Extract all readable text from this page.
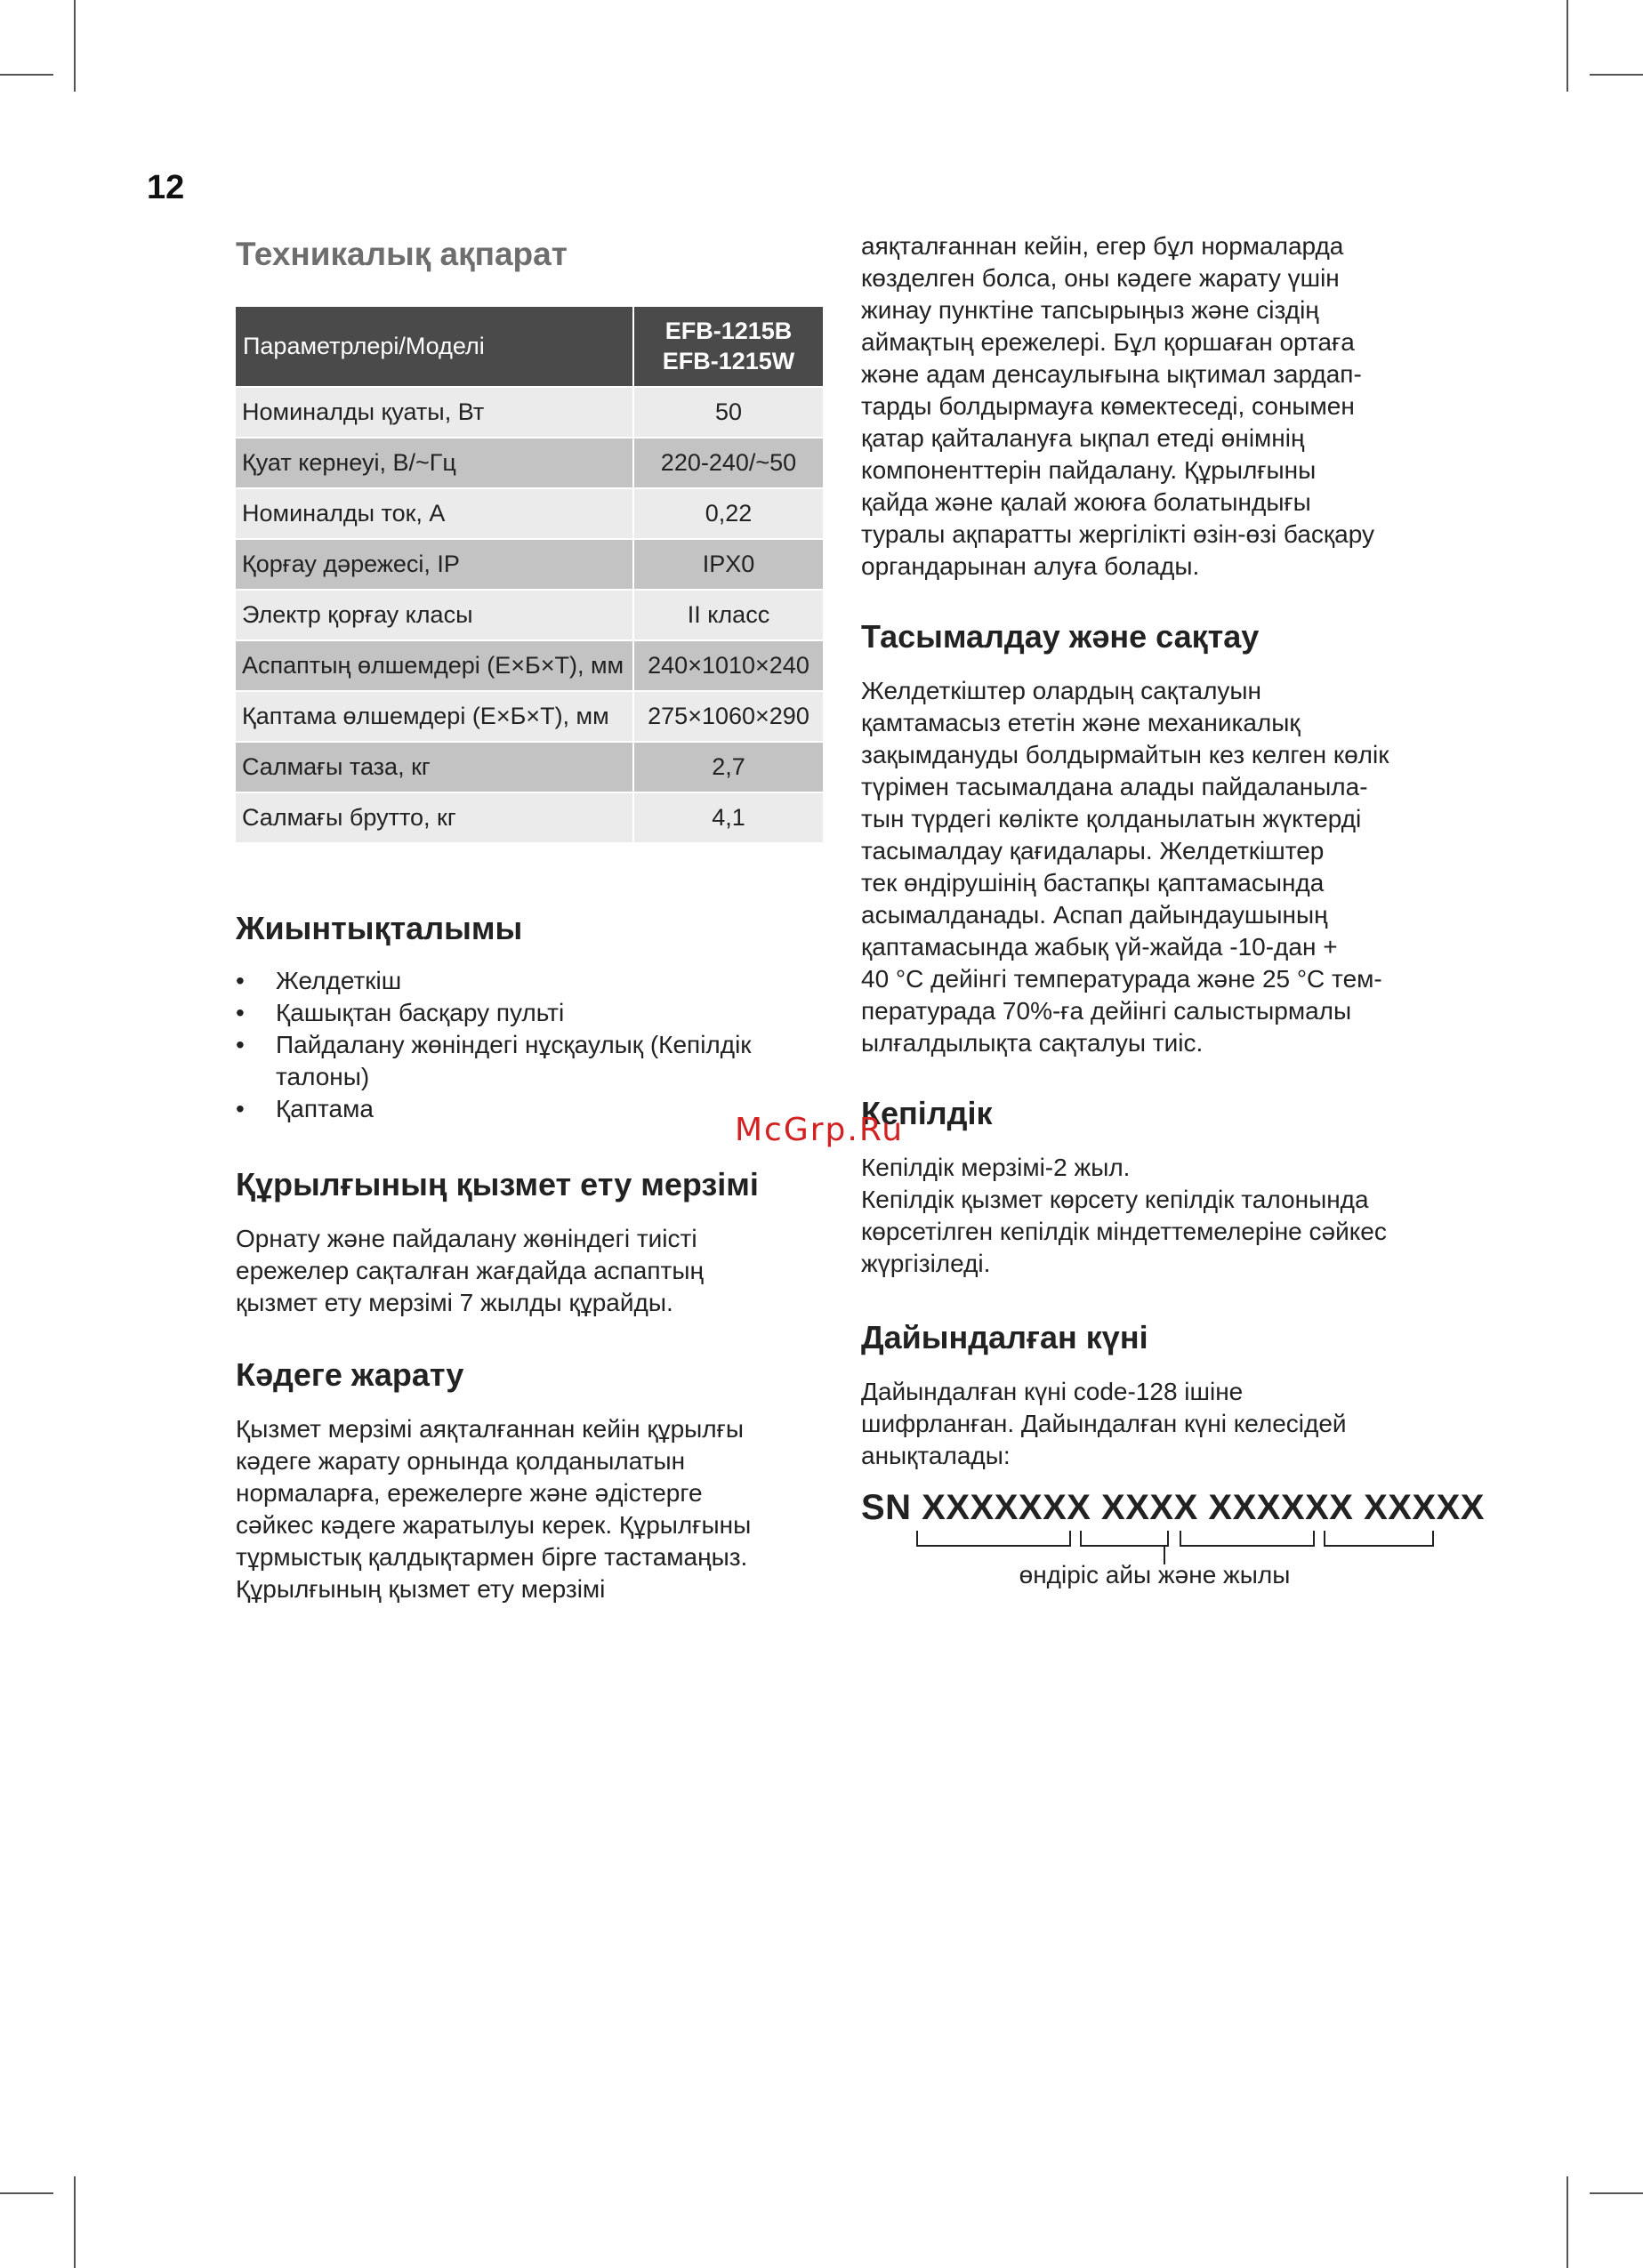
12
Техникалық ақпарат
Параметрлері/Моделі	EFB-1215B
EFB-1215W

Номиналды қуаты, Вт	50
Қуат кернеуі, В/~Гц	220-240/~50
Номиналды ток, А	0,22
Қорғау дәрежесі, IP	IPX0
Электр қорғау класы	II класс
Аспаптың өлшемдері (Е×Б×Т), мм	240×1010×240
Қаптама өлшемдері (Е×Б×Т), мм	275×1060×290
Салмағы таза, кг	2,7
Салмағы брутто, кг	4,1
Жиынтықталымы
•	Желдеткіш
•	Қашықтан басқару пульті
•	Пайдалану жөніндегі нұсқаулық (Кепілдік
талоны)
•	Қаптама
Құрылғының қызмет ету мерзімі

Орнату және пайдалану жөніндегі тиісті
ережелер сақталған жағдайда аспаптың
қызмет ету мерзімі 7 жылды құрайды.

Кәдеге жарату

Қызмет мерзімі аяқталғаннан кейін құрылғы
кәдеге жарату орнында қолданылатын
нормаларға, ережелерге және әдістерге
сәйкес кәдеге жаратылуы керек. Құрылғыны
тұрмыстық қалдықтармен бірге тастамаңыз.
Құрылғының қызмет ету мерзімі

аяқталғаннан кейін, егер бұл нормаларда
көзделген болса, оны кәдеге жарату үшін
жинау пунктіне тапсырыңыз және сіздің
аймақтың ережелері. Бұл қоршаған ортаға
және адам денсаулығына ықтимал зардап-
тарды болдырмауға көмектеседі, сонымен
қатар қайталануға ықпал етеді өнімнің
компоненттерін пайдалану. Құрылғыны
қайда және қалай жоюға болатындығы
туралы ақпаратты жергілікті өзін-өзі басқару
органдарынан алуға болады.

Тасымалдау және сақтау

Желдеткіштер олардың сақталуын
қамтамасыз ететін және механикалық
зақымдануды болдырмайтын кез келген көлік
түрімен тасымалдана алады пайдаланыла-
тын түрдегі көлікте қолданылатын жүктерді
тасымалдау қағидалары. Желдеткіштер
тек өндірушінің бастапқы қаптамасында
асымалданады. Аспап дайындаушының
қаптамасында жабық үй-жайда -10-дан +
40 °С дейінгі температурада және 25 °С тем-
пературада 70%-ға дейінгі салыстырмалы
ылғалдылықта сақталуы тиіс.

Кепілдік

Кепілдік мерзімі-2 жыл.
Кепілдік қызмет көрсету кепілдік талонында
көрсетілген кепілдік міндеттемелеріне сәйкес
жүргізіледі.

Дайындалған күні

Дайындалған күні code-128 ішіне
шифрланған. Дайындалған күні келесідей
анықталады:

SN XXXXXXX XXXX XXXXXX XXXXX
өндіріс айы және жылы
McGrp.Ru
